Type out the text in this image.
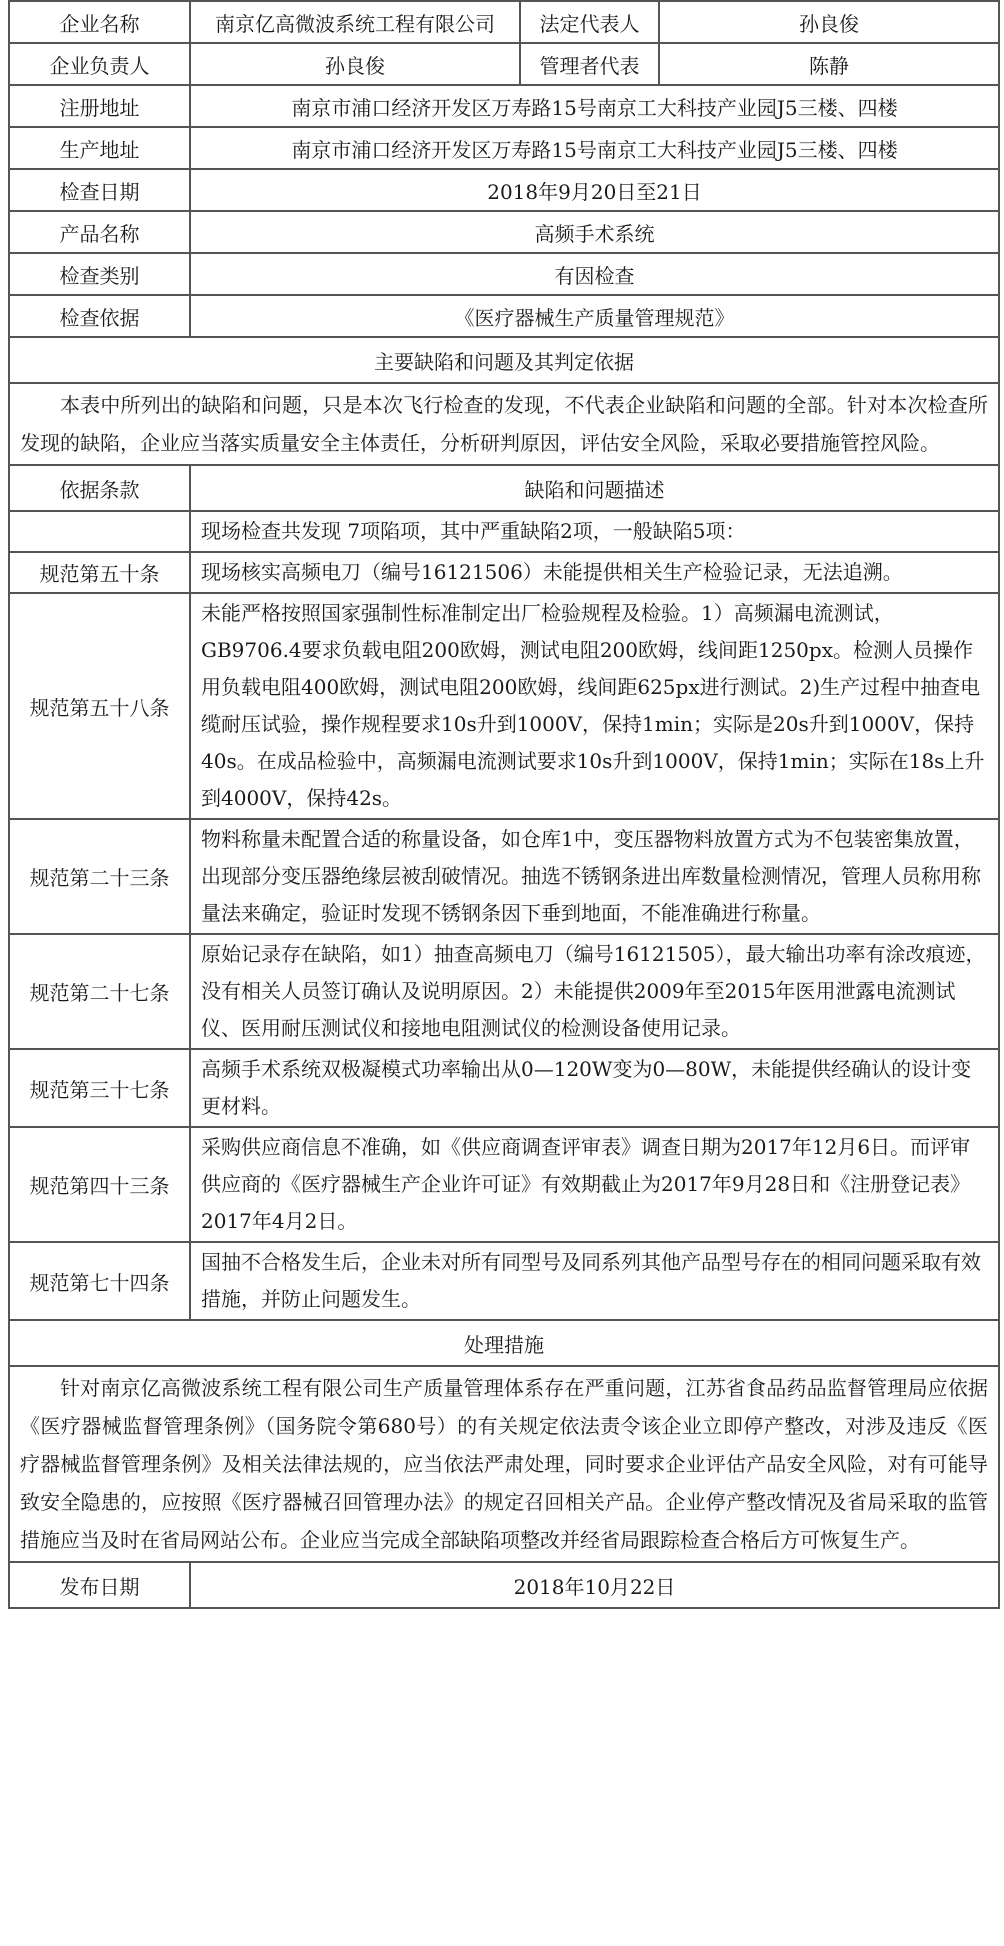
企业名称	南京亿高微波系统工程有限公司	法定代表人	孙良俊
企业负责人	孙良俊	管理者代表	陈静
注册地址	南京市浦口经济开发区万寿路15号南京工大科技产业园J5三楼、四楼		
生产地址	南京市浦口经济开发区万寿路15号南京工大科技产业园J5三楼、四楼		
检查日期	2018年9月20日至21日		
产品名称	高频手术系统		
检查类别	有因检查		
检查依据	《医疗器械生产质量管理规范》		
主要缺陷和问题及其判定依据			

本表中所列出的缺陷和问题，只是本次飞行检查的发现，不代表企业缺陷和问题的全部。针对本次检查所发现的缺陷，企业应当落实质量安全主体责任，分析研判原因，评估安全风险，采取必要措施管控风险。			

依据条款	缺陷和问题描述		
	现场检查共发现 7项陷项，其中严重缺陷2项，一般缺陷5项：		
规范第五十条	现场核实高频电刀（编号16121506）未能提供相关生产检验记录，无法追溯。		
规范第五十八条	未能严格按照国家强制性标准制定出厂检验规程及检验。1）高频漏电流测试，GB9706.4要求负载电阻200欧姆，测试电阻200欧姆，线间距1250px。检测人员操作用负载电阻400欧姆，测试电阻200欧姆，线间距625px进行测试。2)生产过程中抽查电缆耐压试验，操作规程要求10s升到1000V，保持1min；实际是20s升到1000V，保持40s。在成品检验中，高频漏电流测试要求10s升到1000V，保持1min；实际在18s上升到4000V，保持42s。		
规范第二十三条	物料称量未配置合适的称量设备，如仓库1中，变压器物料放置方式为不包装密集放置，出现部分变压器绝缘层被刮破情况。抽选不锈钢条进出库数量检测情况，管理人员称用称量法来确定，验证时发现不锈钢条因下垂到地面，不能准确进行称量。		
规范第二十七条	原始记录存在缺陷，如1）抽查高频电刀（编号16121505），最大输出功率有涂改痕迹，没有相关人员签订确认及说明原因。2）未能提供2009年至2015年医用泄露电流测试仪、医用耐压测试仪和接地电阻测试仪的检测设备使用记录。		
规范第三十七条	高频手术系统双极凝模式功率输出从0—120W变为0—80W，未能提供经确认的设计变更材料。		
规范第四十三条	采购供应商信息不准确，如《供应商调查评审表》调查日期为2017年12月6日。而评审供应商的《医疗器械生产企业许可证》有效期截止为2017年9月28日和《注册登记表》2017年4月2日。		
规范第七十四条	国抽不合格发生后，企业未对所有同型号及同系列其他产品型号存在的相同问题采取有效措施，并防止问题发生。		
处理措施			

针对南京亿高微波系统工程有限公司生产质量管理体系存在严重问题，江苏省食品药品监督管理局应依据《医疗器械监督管理条例》（国务院令第680号）的有关规定依法责令该企业立即停产整改，对涉及违反《医疗器械监督管理条例》及相关法律法规的，应当依法严肃处理，同时要求企业评估产品安全风险，对有可能导致安全隐患的，应按照《医疗器械召回管理办法》的规定召回相关产品。企业停产整改情况及省局采取的监管措施应当及时在省局网站公布。企业应当完成全部缺陷项整改并经省局跟踪检查合格后方可恢复生产。			

发布日期	2018年10月22日		
